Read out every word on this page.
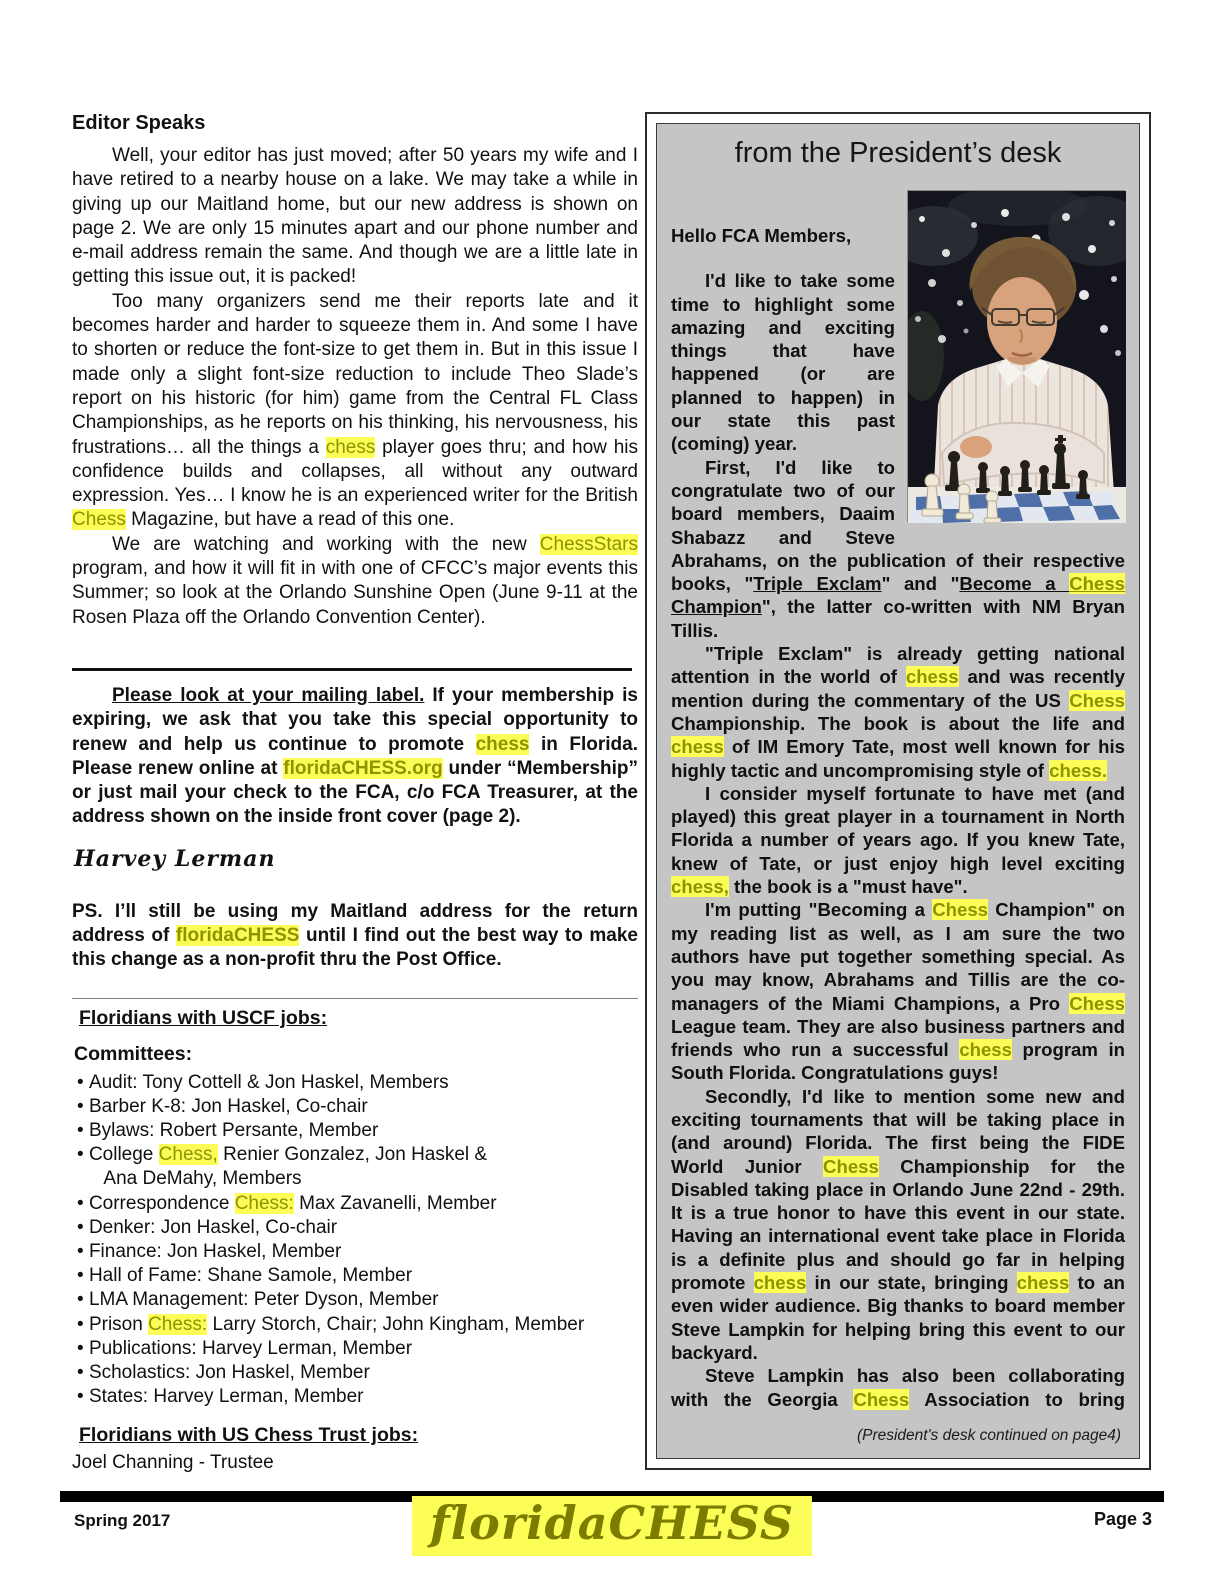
Editor Speaks

Well, your editor has just moved; after 50 years my wife and I have retired to a nearby house on a lake. We may take a while in giving up our Maitland home, but our new address is shown on page 2. We are only 15 minutes apart and our phone number and e-mail address remain the same. And though we are a little late in getting this issue out, it is packed!

Too many organizers send me their reports late and it becomes harder and harder to squeeze them in. And some I have to shorten or reduce the font-size to get them in. But in this issue I made only a slight font-size reduction to include Theo Slade’s report on his historic (for him) game from the Central FL Class Championships, as he reports on his thinking, his nervousness, his frustrations… all the things a chess player goes thru; and how his confidence builds and collapses, all without any outward expression. Yes… I know he is an experienced writer for the British Chess Magazine, but have a read of this one.

We are watching and working with the new ChessStars program, and how it will fit in with one of CFCC’s major events this Summer; so look at the Orlando Sunshine Open (June 9-11 at the Rosen Plaza off the Orlando Convention Center).

Please look at your mailing label. If your membership is expiring, we ask that you take this special opportunity to renew and help us continue to promote chess in Florida. Please renew online at floridaCHESS.org under “Membership” or just mail your check to the FCA, c/o FCA Treasurer, at the address shown on the inside front cover (page 2).

Harvey Lerman

PS. I’ll still be using my Maitland address for the return address of floridaCHESS until I find out the best way to make this change as a non-profit thru the Post Office.

Floridians with USCF jobs:
Committees:
• Audit: Tony Cottell & Jon Haskel, Members
• Barber K-8: Jon Haskel, Co-chair
• Bylaws: Robert Persante, Member
• College Chess, Renier Gonzalez, Jon Haskel &
Ana DeMahy, Members
• Correspondence Chess: Max Zavanelli, Member
• Denker: Jon Haskel, Co-chair
• Finance: Jon Haskel, Member
• Hall of Fame: Shane Samole, Member
• LMA Management: Peter Dyson, Member
• Prison Chess: Larry Storch, Chair; John Kingham, Member
• Publications: Harvey Lerman, Member
• Scholastics: Jon Haskel, Member
• States: Harvey Lerman, Member
Floridians with US Chess Trust jobs:

Joel Channing - Trustee

from the President’s desk

Hello FCA Members,

I'd like to take some time to highlight some amazing and exciting things that have happened (or are planned to happen) in our state this past (coming) year.

First, I'd like to congratulate two of our board members, Daaim Shabazz and Steve Abrahams, on the publication of their respective books, "Triple Exclam" and "Become a Chess Champion", the latter co-written with NM Bryan Tillis.

"Triple Exclam" is already getting national attention in the world of chess and was recently mention during the commentary of the US Chess Championship. The book is about the life and chess of IM Emory Tate, most well known for his highly tactic and uncompromising style of chess.

I consider myself fortunate to have met (and played) this great player in a tournament in North Florida a number of years ago. If you knew Tate, knew of Tate, or just enjoy high level exciting chess, the book is a "must have".

I'm putting "Becoming a Chess Champion" on my reading list as well, as I am sure the two authors have put together something special. As you may know, Abrahams and Tillis are the co-managers of the Miami Champions, a Pro Chess League team. They are also business partners and friends who run a successful chess program in South Florida. Congratulations guys!

Secondly, I'd like to mention some new and exciting tournaments that will be taking place in (and around) Florida. The first being the FIDE World Junior Chess Championship for the Disabled taking place in Orlando June 22nd - 29th. It is a true honor to have this event in our state. Having an international event take place in Florida is a definite plus and should go far in helping promote chess in our state, bringing chess to an even wider audience. Big thanks to board member Steve Lampkin for helping bring this event to our backyard.

Steve Lampkin has also been collaborating with the Georgia Chess Association to bring

(President's desk continued on page4)
Spring 2017	floridaCHESS	Page 3
